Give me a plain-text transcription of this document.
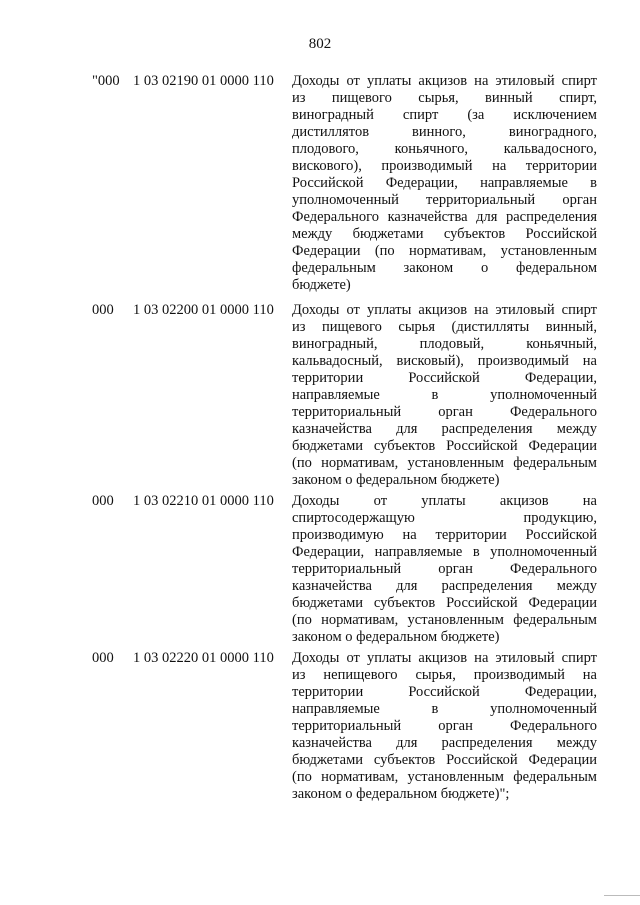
802
"000 1 03 02190 01 0000 110 Доходы от уплаты акцизов на этиловый спирт
из пищевого сырья, винный спирт,
виноградный спирт (за исключением
дистиллятов винного, виноградного,
плодового, коньячного, кальвадосного,
вискового), производимый на территории
Российской Федерации, направляемые в
уполномоченный территориальный орган
Федерального казначейства для распределения
между бюджетами субъектов Российской
Федерации (по нормативам, установленным
федеральным законом о федеральном
бюджете)
000 1 03 02200 01 0000 110 Доходы от уплаты акцизов на этиловый спирт
из пищевого сырья (дистилляты винный,
виноградный, плодовый, коньячный,
кальвадосный, висковый), производимый на
территории Российской Федерации,
направляемые в уполномоченный
территориальный орган Федерального
казначейства для распределения между
бюджетами субъектов Российской Федерации
(по нормативам, установленным федеральным
законом о федеральном бюджете)
000 1 03 02210 01 0000 110 Доходы от уплаты акцизов на
спиртосодержащую продукцию,
производимую на территории Российской
Федерации, направляемые в уполномоченный
территориальный орган Федерального
казначейства для распределения между
бюджетами субъектов Российской Федерации
(по нормативам, установленным федеральным
законом о федеральном бюджете)
000 1 03 02220 01 0000 110 Доходы от уплаты акцизов на этиловый спирт
из непищевого сырья, производимый на
территории Российской Федерации,
направляемые в уполномоченный
территориальный орган Федерального
казначейства для распределения между
бюджетами субъектов Российской Федерации
(по нормативам, установленным федеральным
законом о федеральном бюджете)";
